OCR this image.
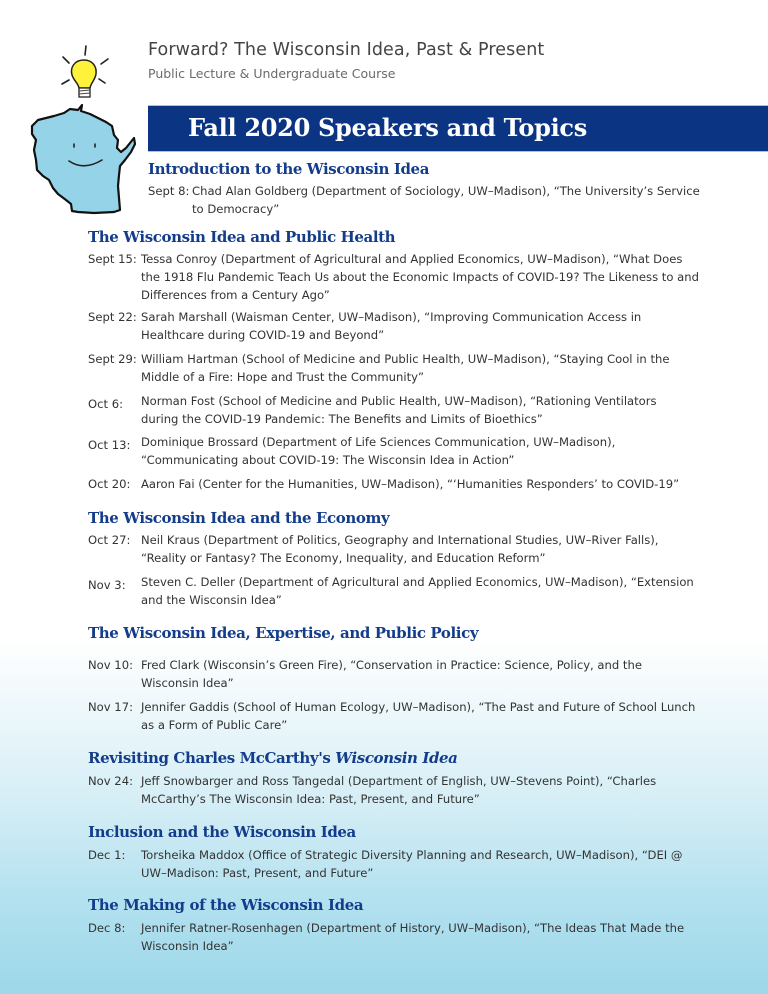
Forward? The Wisconsin Idea, Past & Present
Public Lecture & Undergraduate Course
Fall 2020 Speakers and Topics
Introduction to the Wisconsin Idea
Sept 8: Chad Alan Goldberg (Department of Sociology, UW–Madison), “The University’s Service
to Democracy”
The Wisconsin Idea and Public Health
Sept 15: Tessa Conroy (Department of Agricultural and Applied Economics, UW–Madison), “What Does
the 1918 Flu Pandemic Teach Us about the Economic Impacts of COVID-19? The Likeness to and
Differences from a Century Ago”
Sept 22: Sarah Marshall (Waisman Center, UW–Madison), “Improving Communication Access in
Healthcare during COVID-19 and Beyond”
Sept 29: William Hartman (School of Medicine and Public Health, UW–Madison), “Staying Cool in the
Middle of a Fire: Hope and Trust the Community”
Oct 6: Norman Fost (School of Medicine and Public Health, UW–Madison), “Rationing Ventilators
during the COVID-19 Pandemic: The Benefits and Limits of Bioethics”
Oct 13: Dominique Brossard (Department of Life Sciences Communication, UW–Madison),
“Communicating about COVID-19: The Wisconsin Idea in Action”
Oct 20: Aaron Fai (Center for the Humanities, UW–Madison), “‘Humanities Responders’ to COVID-19”
The Wisconsin Idea and the Economy
Oct 27: Neil Kraus (Department of Politics, Geography and International Studies, UW–River Falls),
“Reality or Fantasy? The Economy, Inequality, and Education Reform”
Nov 3: Steven C. Deller (Department of Agricultural and Applied Economics, UW–Madison), “Extension
and the Wisconsin Idea”
The Wisconsin Idea, Expertise, and Public Policy
Nov 10: Fred Clark (Wisconsin’s Green Fire), “Conservation in Practice: Science, Policy, and the
Wisconsin Idea”
Nov 17: Jennifer Gaddis (School of Human Ecology, UW–Madison), “The Past and Future of School Lunch
as a Form of Public Care”
Revisiting Charles McCarthy's Wisconsin Idea
Nov 24: Jeff Snowbarger and Ross Tangedal (Department of English, UW–Stevens Point), “Charles
McCarthy’s The Wisconsin Idea: Past, Present, and Future”
Inclusion and the Wisconsin Idea
Dec 1: Torsheika Maddox (Office of Strategic Diversity Planning and Research, UW–Madison), “DEI @
UW–Madison: Past, Present, and Future”
The Making of the Wisconsin Idea
Dec 8: Jennifer Ratner-Rosenhagen (Department of History, UW–Madison), “The Ideas That Made the
Wisconsin Idea”
